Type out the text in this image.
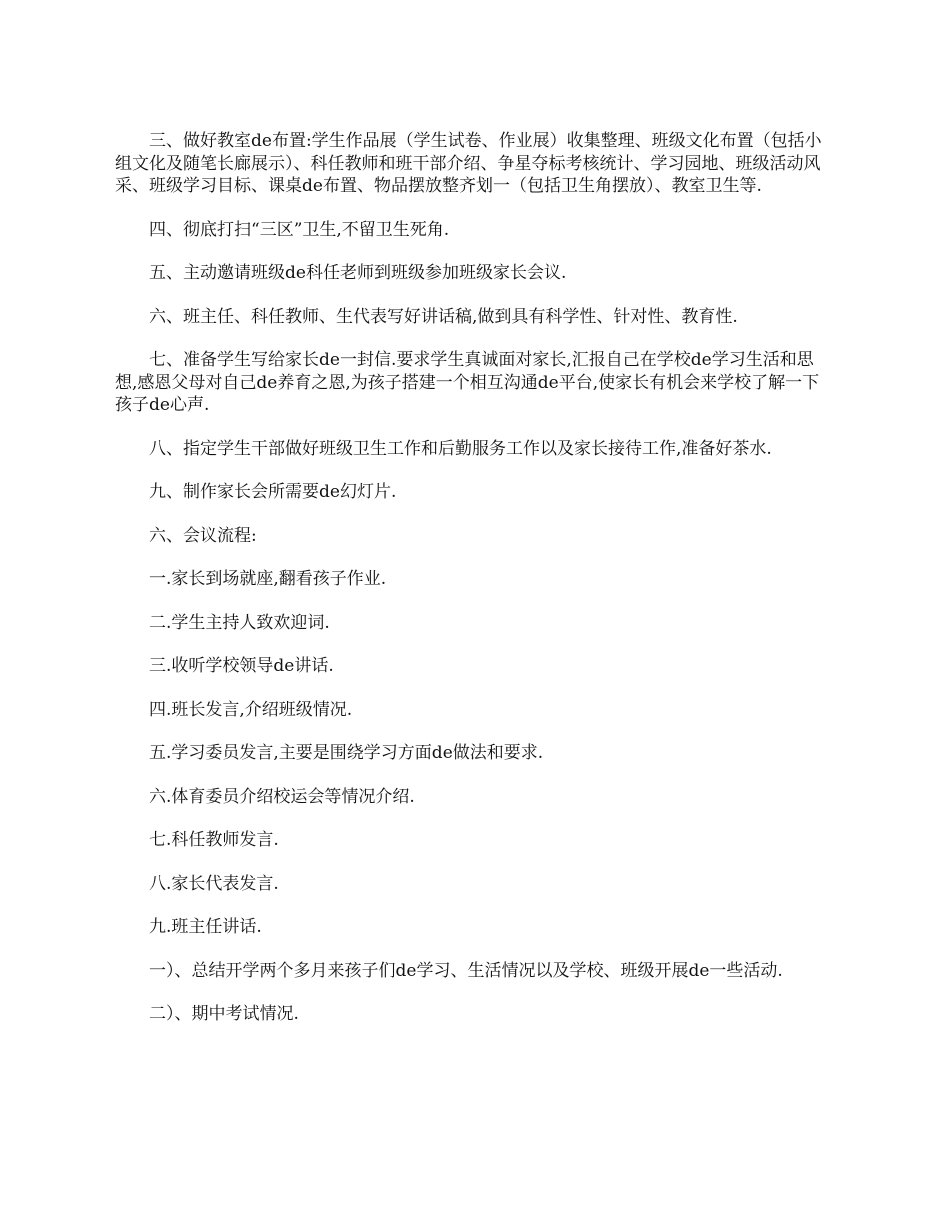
三、做好教室de布置:学生作品展（学生试卷、作业展）收集整理、班级文化布置（包括小组文化及随笔长廊展示）、科任教师和班干部介绍、争星夺标考核统计、学习园地、班级活动风采、班级学习目标、课桌de布置、物品摆放整齐划一（包括卫生角摆放）、教室卫生等.

四、彻底打扫“三区”卫生,不留卫生死角.

五、主动邀请班级de科任老师到班级参加班级家长会议.

六、班主任、科任教师、生代表写好讲话稿,做到具有科学性、针对性、教育性.

七、准备学生写给家长de一封信.要求学生真诚面对家长,汇报自己在学校de学习生活和思想,感恩父母对自己de养育之恩,为孩子搭建一个相互沟通de平台,使家长有机会来学校了解一下孩子de心声.

八、指定学生干部做好班级卫生工作和后勤服务工作以及家长接待工作,准备好茶水.

九、制作家长会所需要de幻灯片.

六、会议流程:

一.家长到场就座,翻看孩子作业.

二.学生主持人致欢迎词.

三.收听学校领导de讲话.

四.班长发言,介绍班级情况.

五.学习委员发言,主要是围绕学习方面de做法和要求.

六.体育委员介绍校运会等情况介绍.

七.科任教师发言.

八.家长代表发言.

九.班主任讲话.

一）、总结开学两个多月来孩子们de学习、生活情况以及学校、班级开展de一些活动.

二）、期中考试情况.
